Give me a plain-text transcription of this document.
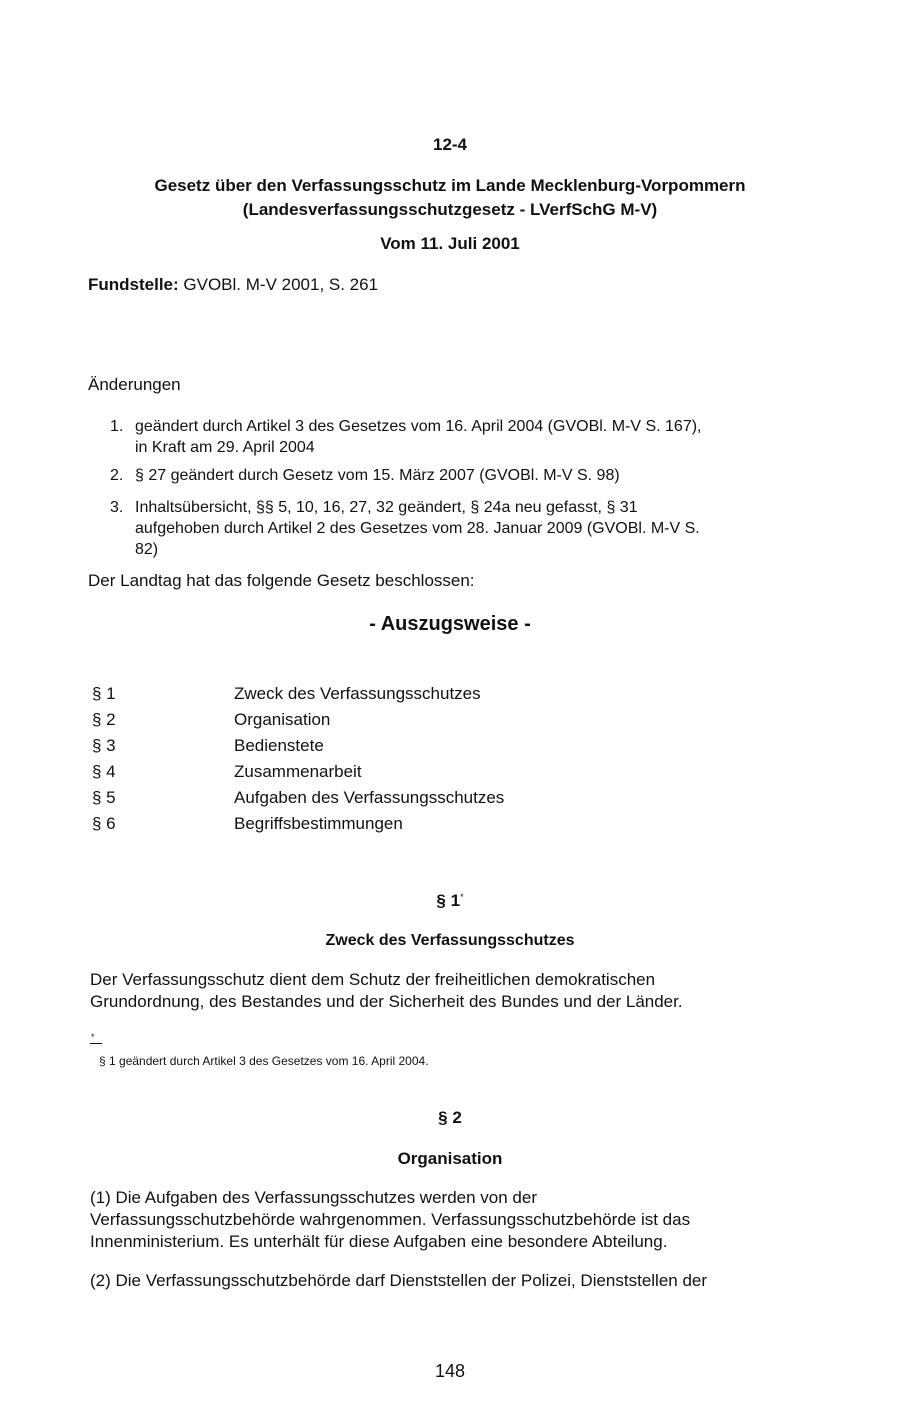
12-4
Gesetz über den Verfassungsschutz im Lande Mecklenburg-Vorpommern
(Landesverfassungsschutzgesetz - LVerfSchG M-V)
Vom 11. Juli 2001
Fundstelle: GVOBl. M-V 2001, S. 261
Änderungen
1. geändert durch Artikel 3 des Gesetzes vom 16. April 2004 (GVOBl. M-V S. 167),
in Kraft am 29. April 2004
2. § 27 geändert durch Gesetz vom 15. März 2007 (GVOBl. M-V S. 98)
3. Inhaltsübersicht, §§ 5, 10, 16, 27, 32 geändert, § 24a neu gefasst, § 31
aufgehoben durch Artikel 2 des Gesetzes vom 28. Januar 2009 (GVOBl. M-V S.
82)
Der Landtag hat das folgende Gesetz beschlossen:
- Auszugsweise -
§ 1	Zweck des Verfassungsschutzes
§ 2	Organisation
§ 3	Bedienstete
§ 4	Zusammenarbeit
§ 5	Aufgaben des Verfassungsschutzes
§ 6	Begriffsbestimmungen
§ 1*
Zweck des Verfassungsschutzes
Der Verfassungsschutz dient dem Schutz der freiheitlichen demokratischen
Grundordnung, des Bestandes und der Sicherheit des Bundes und der Länder.
*
§ 1 geändert durch Artikel 3 des Gesetzes vom 16. April 2004.
§ 2
Organisation
(1) Die Aufgaben des Verfassungsschutzes werden von der
Verfassungsschutzbehörde wahrgenommen. Verfassungsschutzbehörde ist das
Innenministerium. Es unterhält für diese Aufgaben eine besondere Abteilung.
(2) Die Verfassungsschutzbehörde darf Dienststellen der Polizei, Dienststellen der
148
